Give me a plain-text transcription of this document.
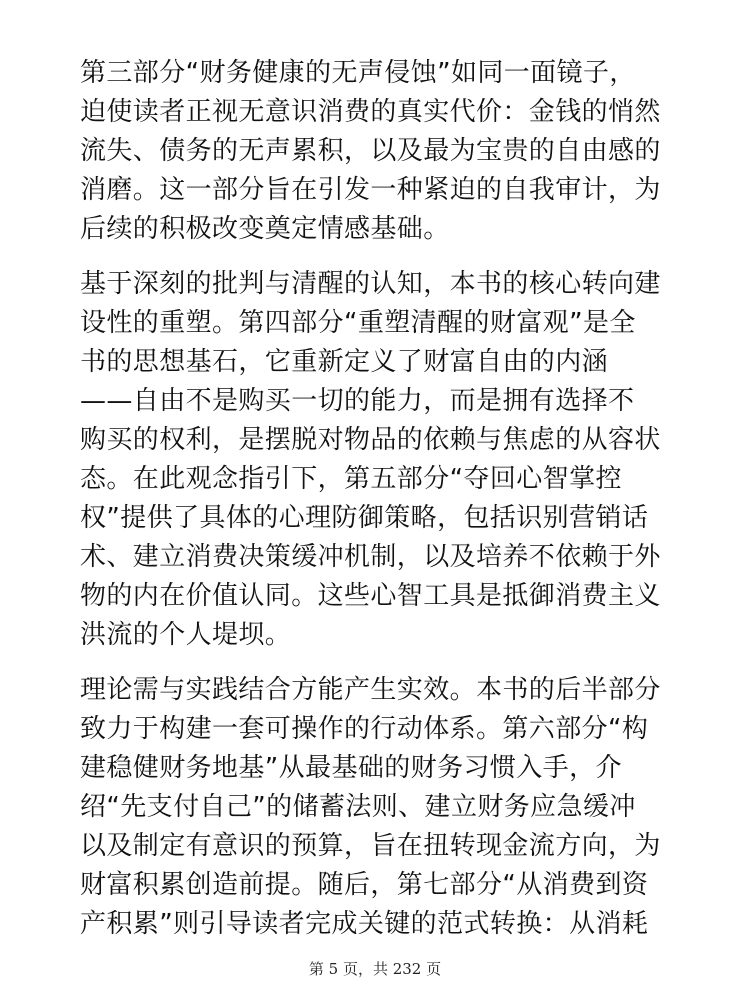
第三部分“财务健康的无声侵蚀”如同一面镜子，
迫使读者正视无意识消费的真实代价：金钱的悄然
流失、债务的无声累积，以及最为宝贵的自由感的
消磨。这一部分旨在引发一种紧迫的自我审计，为
后续的积极改变奠定情感基础。

基于深刻的批判与清醒的认知，本书的核心转向建
设性的重塑。第四部分“重塑清醒的财富观”是全
书的思想基石，它重新定义了财富自由的内涵
——自由不是购买一切的能力，而是拥有选择不
购买的权利，是摆脱对物品的依赖与焦虑的从容状
态。在此观念指引下，第五部分“夺回心智掌控
权”提供了具体的心理防御策略，包括识别营销话
术、建立消费决策缓冲机制，以及培养不依赖于外
物的内在价值认同。这些心智工具是抵御消费主义
洪流的个人堤坝。

理论需与实践结合方能产生实效。本书的后半部分
致力于构建一套可操作的行动体系。第六部分“构
建稳健财务地基”从最基础的财务习惯入手，介
绍“先支付自己”的储蓄法则、建立财务应急缓冲
以及制定有意识的预算，旨在扭转现金流方向，为
财富积累创造前提。随后，第七部分“从消费到资
产积累”则引导读者完成关键的范式转换：从消耗

第 5 页，共 232 页
